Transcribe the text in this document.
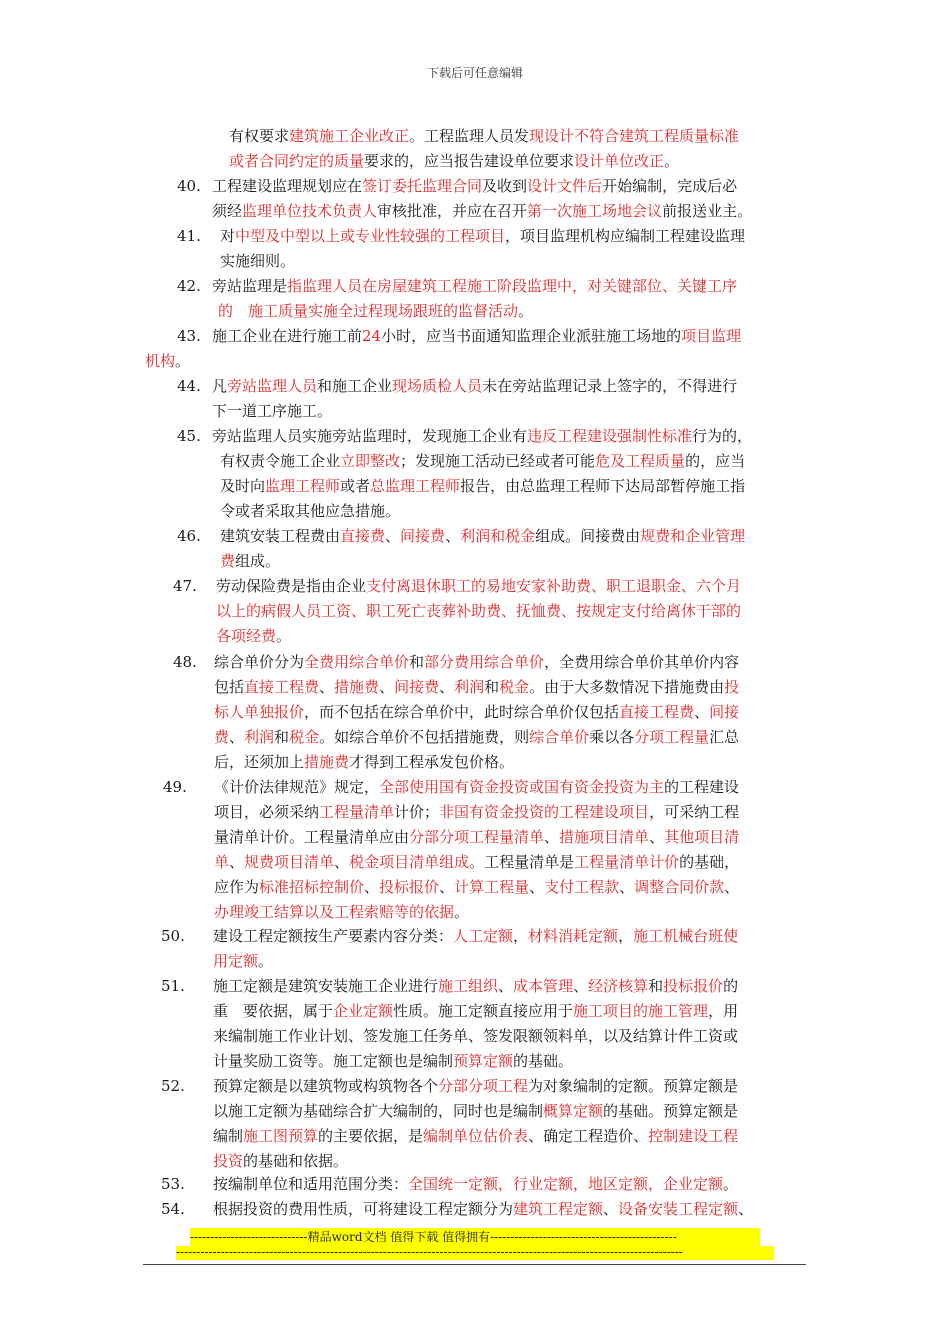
下载后可任意编辑
有权要求建筑施工企业改正。工程监理人员发现设计不符合建筑工程质量标准
或者合同约定的质量要求的，应当报告建设单位要求设计单位改正。
40. 工程建设监理规划应在签订委托监理合同及收到设计文件后开始编制，完成后必
须经监理单位技术负责人审核批准，并应在召开第一次施工场地会议前报送业主。
41. 对中型及中型以上或专业性较强的工程项目，项目监理机构应编制工程建设监理
实施细则。
42. 旁站监理是指监理人员在房屋建筑工程施工阶段监理中，对关键部位、关键工序
的　施工质量实施全过程现场跟班的监督活动。
43. 施工企业在进行施工前24小时，应当书面通知监理企业派驻施工场地的项目监理
机构。
44. 凡旁站监理人员和施工企业现场质检人员未在旁站监理记录上签字的，不得进行
下一道工序施工。
45. 旁站监理人员实施旁站监理时，发现施工企业有违反工程建设强制性标准行为的，
有权责令施工企业立即整改；发现施工活动已经或者可能危及工程质量的，应当
及时向监理工程师或者总监理工程师报告，由总监理工程师下达局部暂停施工指
令或者采取其他应急措施。
46. 建筑安装工程费由直接费、间接费、利润和税金组成。间接费由规费和企业管理
费组成。
47. 劳动保险费是指由企业支付离退休职工的易地安家补助费、职工退职金、六个月
以上的病假人员工资、职工死亡丧葬补助费、抚恤费、按规定支付给离休干部的
各项经费。
48. 综合单价分为全费用综合单价和部分费用综合单价，全费用综合单价其单价内容
包括直接工程费、措施费、间接费、利润和税金。由于大多数情况下措施费由投
标人单独报价，而不包括在综合单价中，此时综合单价仅包括直接工程费、间接
费、利润和税金。如综合单价不包括措施费，则综合单价乘以各分项工程量汇总
后，还须加上措施费才得到工程承发包价格。
49. 《计价法律规范》规定，全部使用国有资金投资或国有资金投资为主的工程建设
项目，必须采纳工程量清单计价；非国有资金投资的工程建设项目，可采纳工程
量清单计价。工程量清单应由分部分项工程量清单、措施项目清单、其他项目清
单、规费项目清单、税金项目清单组成。工程量清单是工程量清单计价的基础，
应作为标准招标控制价、投标报价、计算工程量、支付工程款、调整合同价款、
办理竣工结算以及工程索赔等的依据。
50. 建设工程定额按生产要素内容分类：人工定额，材料消耗定额，施工机械台班使
用定额。
51. 施工定额是建筑安装施工企业进行施工组织、成本管理、经济核算和投标报价的
重　要依据，属于企业定额性质。施工定额直接应用于施工项目的施工管理，用
来编制施工作业计划、签发施工任务单、签发限额领料单，以及结算计件工资或
计量奖励工资等。施工定额也是编制预算定额的基础。
52. 预算定额是以建筑物或构筑物各个分部分项工程为对象编制的定额。预算定额是
以施工定额为基础综合扩大编制的，同时也是编制概算定额的基础。预算定额是
编制施工图预算的主要依据，是编制单位估价表、确定工程造价、控制建设工程
投资的基础和依据。
53. 按编制单位和适用范围分类：全国统一定额，行业定额，地区定额，企业定额。
54. 根据投资的费用性质，可将建设工程定额分为建筑工程定额、设备安装工程定额、
-----------------------------精品word文档 值得下载 值得拥有----------------------------------------------
-----------------------------------------------------------------------------------------------------------------------------
